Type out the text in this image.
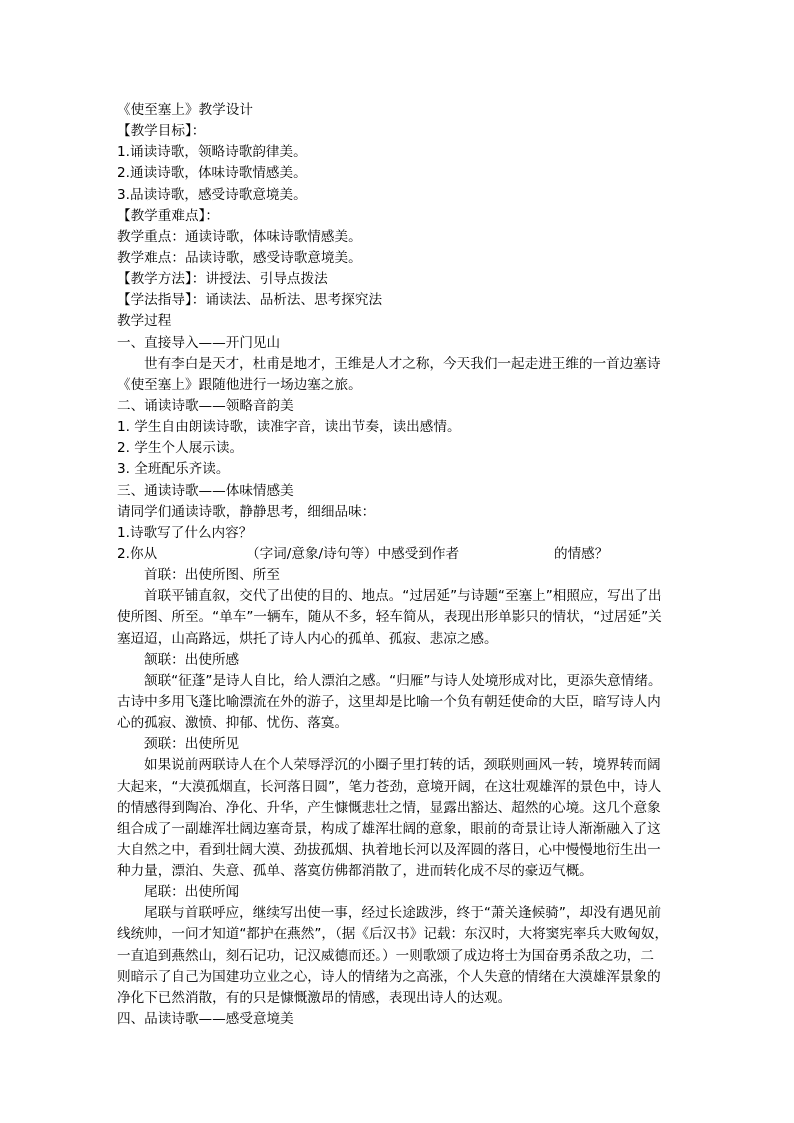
《使至塞上》教学设计
【教学目标】：
1.诵读诗歌，领略诗歌韵律美。
2.通读诗歌，体味诗歌情感美。
3.品读诗歌，感受诗歌意境美。
【教学重难点】：
教学重点：通读诗歌，体味诗歌情感美。
教学难点：品读诗歌，感受诗歌意境美。
【教学方法】：讲授法、引导点拨法
【学法指导】：诵读法、品析法、思考探究法
教学过程
一、直接导入——开门见山
世有李白是天才，杜甫是地才，王维是人才之称，今天我们一起走进王维的一首边塞诗
《使至塞上》跟随他进行一场边塞之旅。
二、诵读诗歌——领略音韵美
1. 学生自由朗读诗歌，读准字音，读出节奏，读出感情。
2. 学生个人展示读。
3. 全班配乐齐读。
三、通读诗歌——体味情感美
请同学们通读诗歌，静静思考，细细品味：
1.诗歌写了什么内容？
2.你从	（字词/意象/诗句等）中感受到作者	的情感？
首联：出使所图、所至
首联平铺直叙，交代了出使的目的、地点。“过居延”与诗题“至塞上”相照应，写出了出
使所图、所至。“单车”一辆车，随从不多，轻车简从，表现出形单影只的情状，“过居延”关
塞迢迢，山高路远，烘托了诗人内心的孤单、孤寂、悲凉之感。
颔联：出使所感
颔联“征蓬”是诗人自比，给人漂泊之感。“归雁”与诗人处境形成对比，更添失意情绪。
古诗中多用飞蓬比喻漂流在外的游子，这里却是比喻一个负有朝廷使命的大臣，暗写诗人内
心的孤寂、激愤、抑郁、忧伤、落寞。
颈联：出使所见
如果说前两联诗人在个人荣辱浮沉的小圈子里打转的话，颈联则画风一转，境界转而阔
大起来，“大漠孤烟直，长河落日圆”，笔力苍劲，意境开阔，在这壮观雄浑的景色中，诗人
的情感得到陶冶、净化、升华，产生慷慨悲壮之情，显露出豁达、超然的心境。这几个意象
组合成了一副雄浑壮阔边塞奇景，构成了雄浑壮阔的意象，眼前的奇景让诗人渐渐融入了这
大自然之中，看到壮阔大漠、劲拔孤烟、执着地长河以及浑圆的落日，心中慢慢地衍生出一
种力量，漂泊、失意、孤单、落寞仿佛都消散了，进而转化成不尽的豪迈气概。
尾联：出使所闻
尾联与首联呼应，继续写出使一事，经过长途跋涉，终于“萧关逢候骑”，却没有遇见前
线统帅，一问才知道“都护在燕然”，（据《后汉书》记载：东汉时，大将窦宪率兵大败匈奴，
一直追到燕然山，刻石记功，记汉威德而还。）一则歌颂了成边将士为国奋勇杀敌之功，二
则暗示了自己为国建功立业之心，诗人的情绪为之高涨，个人失意的情绪在大漠雄浑景象的
净化下已然消散，有的只是慷慨激昂的情感，表现出诗人的达观。
四、品读诗歌——感受意境美
